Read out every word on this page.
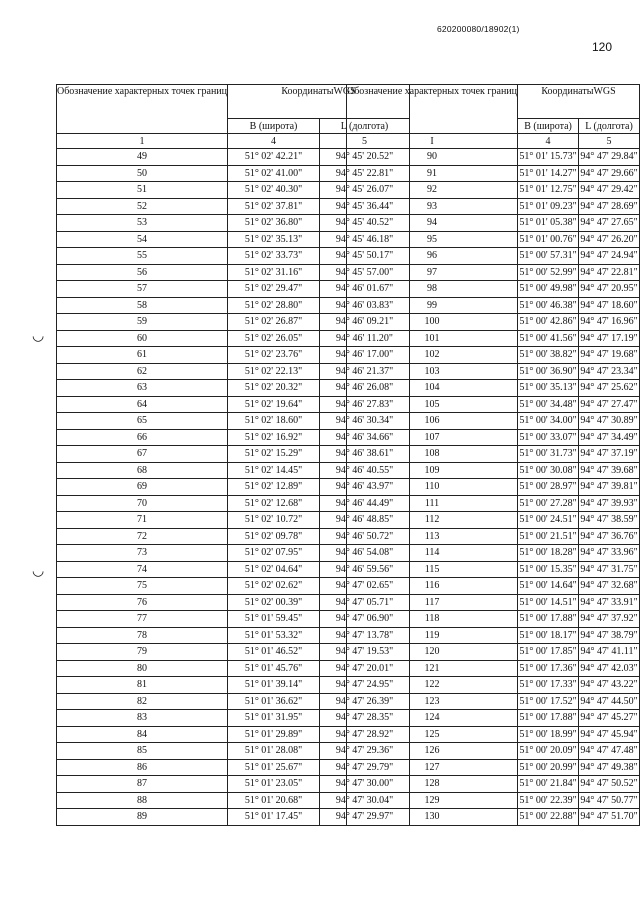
620200080/18902(1)
120
◡
◡
Обозначение характерных точек границ	КоординатыWGS	
	B (широта)	L (долгота)
1	4	5
49	51° 02' 42.21"	94° 45' 20.52"
50	51° 02' 41.00"	94° 45' 22.81"
51	51° 02' 40.30"	94° 45' 26.07"
52	51° 02' 37.81"	94° 45' 36.44"
53	51° 02' 36.80"	94° 45' 40.52"
54	51° 02' 35.13"	94° 45' 46.18"
55	51° 02' 33.73"	94° 45' 50.17"
56	51° 02' 31.16"	94° 45' 57.00"
57	51° 02' 29.47"	94° 46' 01.67"
58	51° 02' 28.80"	94° 46' 03.83"
59	51° 02' 26.87"	94° 46' 09.21"
60	51° 02' 26.05"	94° 46' 11.20"
61	51° 02' 23.76"	94° 46' 17.00"
62	51° 02' 22.13"	94° 46' 21.37"
63	51° 02' 20.32"	94° 46' 26.08"
64	51° 02' 19.64"	94° 46' 27.83"
65	51° 02' 18.60"	94° 46' 30.34"
66	51° 02' 16.92"	94° 46' 34.66"
67	51° 02' 15.29"	94° 46' 38.61"
68	51° 02' 14.45"	94° 46' 40.55"
69	51° 02' 12.89"	94° 46' 43.97"
70	51° 02' 12.68"	94° 46' 44.49"
71	51° 02' 10.72"	94° 46' 48.85"
72	51° 02' 09.78"	94° 46' 50.72"
73	51° 02' 07.95"	94° 46' 54.08"
74	51° 02' 04.64"	94° 46' 59.56"
75	51° 02' 02.62"	94° 47' 02.65"
76	51° 02' 00.39"	94° 47' 05.71"
77	51° 01' 59.45"	94° 47' 06.90"
78	51° 01' 53.32"	94° 47' 13.78"
79	51° 01' 46.52"	94° 47' 19.53"
80	51° 01' 45.76"	94° 47' 20.01"
81	51° 01' 39.14"	94° 47' 24.95"
82	51° 01' 36.62"	94° 47' 26.39"
83	51° 01' 31.95"	94° 47' 28.35"
84	51° 01' 29.89"	94° 47' 28.92"
85	51° 01' 28.08"	94° 47' 29.36"
86	51° 01' 25.67"	94° 47' 29.79"
87	51° 01' 23.05"	94° 47' 30.00"
88	51° 01' 20.68"	94° 47' 30.04"
89	51° 01' 17.45"	94° 47' 29.97"
Обозначение характерных точек границ	КоординатыWGS	
	B (широта)	L (долгота)
I	4	5
90	51° 01' 15.73"	94° 47' 29.84"
91	51° 01' 14.27"	94° 47' 29.66"
92	51° 01' 12.75"	94° 47' 29.42"
93	51° 01' 09.23"	94° 47' 28.69"
94	51° 01' 05.38"	94° 47' 27.65"
95	51° 01' 00.76"	94° 47' 26.20"
96	51° 00' 57.31"	94° 47' 24.94"
97	51° 00' 52.99"	94° 47' 22.81"
98	51° 00' 49.98"	94° 47' 20.95"
99	51° 00' 46.38"	94° 47' 18.60"
100	51° 00' 42.86"	94° 47' 16.96"
101	51° 00' 41.56"	94° 47' 17.19"
102	51° 00' 38.82"	94° 47' 19.68"
103	51° 00' 36.90"	94° 47' 23.34"
104	51° 00' 35.13"	94° 47' 25.62"
105	51° 00' 34.48"	94° 47' 27.47"
106	51° 00' 34.00"	94° 47' 30.89"
107	51° 00' 33.07"	94° 47' 34.49"
108	51° 00' 31.73"	94° 47' 37.19"
109	51° 00' 30.08"	94° 47' 39.68"
110	51° 00' 28.97"	94° 47' 39.81"
111	51° 00' 27.28"	94° 47' 39.93"
112	51° 00' 24.51"	94° 47' 38.59"
113	51° 00' 21.51"	94° 47' 36.76"
114	51° 00' 18.28"	94° 47' 33.96"
115	51° 00' 15.35"	94° 47' 31.75"
116	51° 00' 14.64"	94° 47' 32.68"
117	51° 00' 14.51"	94° 47' 33.91"
118	51° 00' 17.88"	94° 47' 37.92"
119	51° 00' 18.17"	94° 47' 38.79"
120	51° 00' 17.85"	94° 47' 41.11"
121	51° 00' 17.36"	94° 47' 42.03"
122	51° 00' 17.33"	94° 47' 43.22"
123	51° 00' 17.52"	94° 47' 44.50"
124	51° 00' 17.88"	94° 47' 45.27"
125	51° 00' 18.99"	94° 47' 45.94"
126	51° 00' 20.09"	94° 47' 47.48"
127	51° 00' 20.99"	94° 47' 49.38"
128	51° 00' 21.84"	94° 47' 50.52"
129	51° 00' 22.39"	94° 47' 50.77"
130	51° 00' 22.88"	94° 47' 51.70"
